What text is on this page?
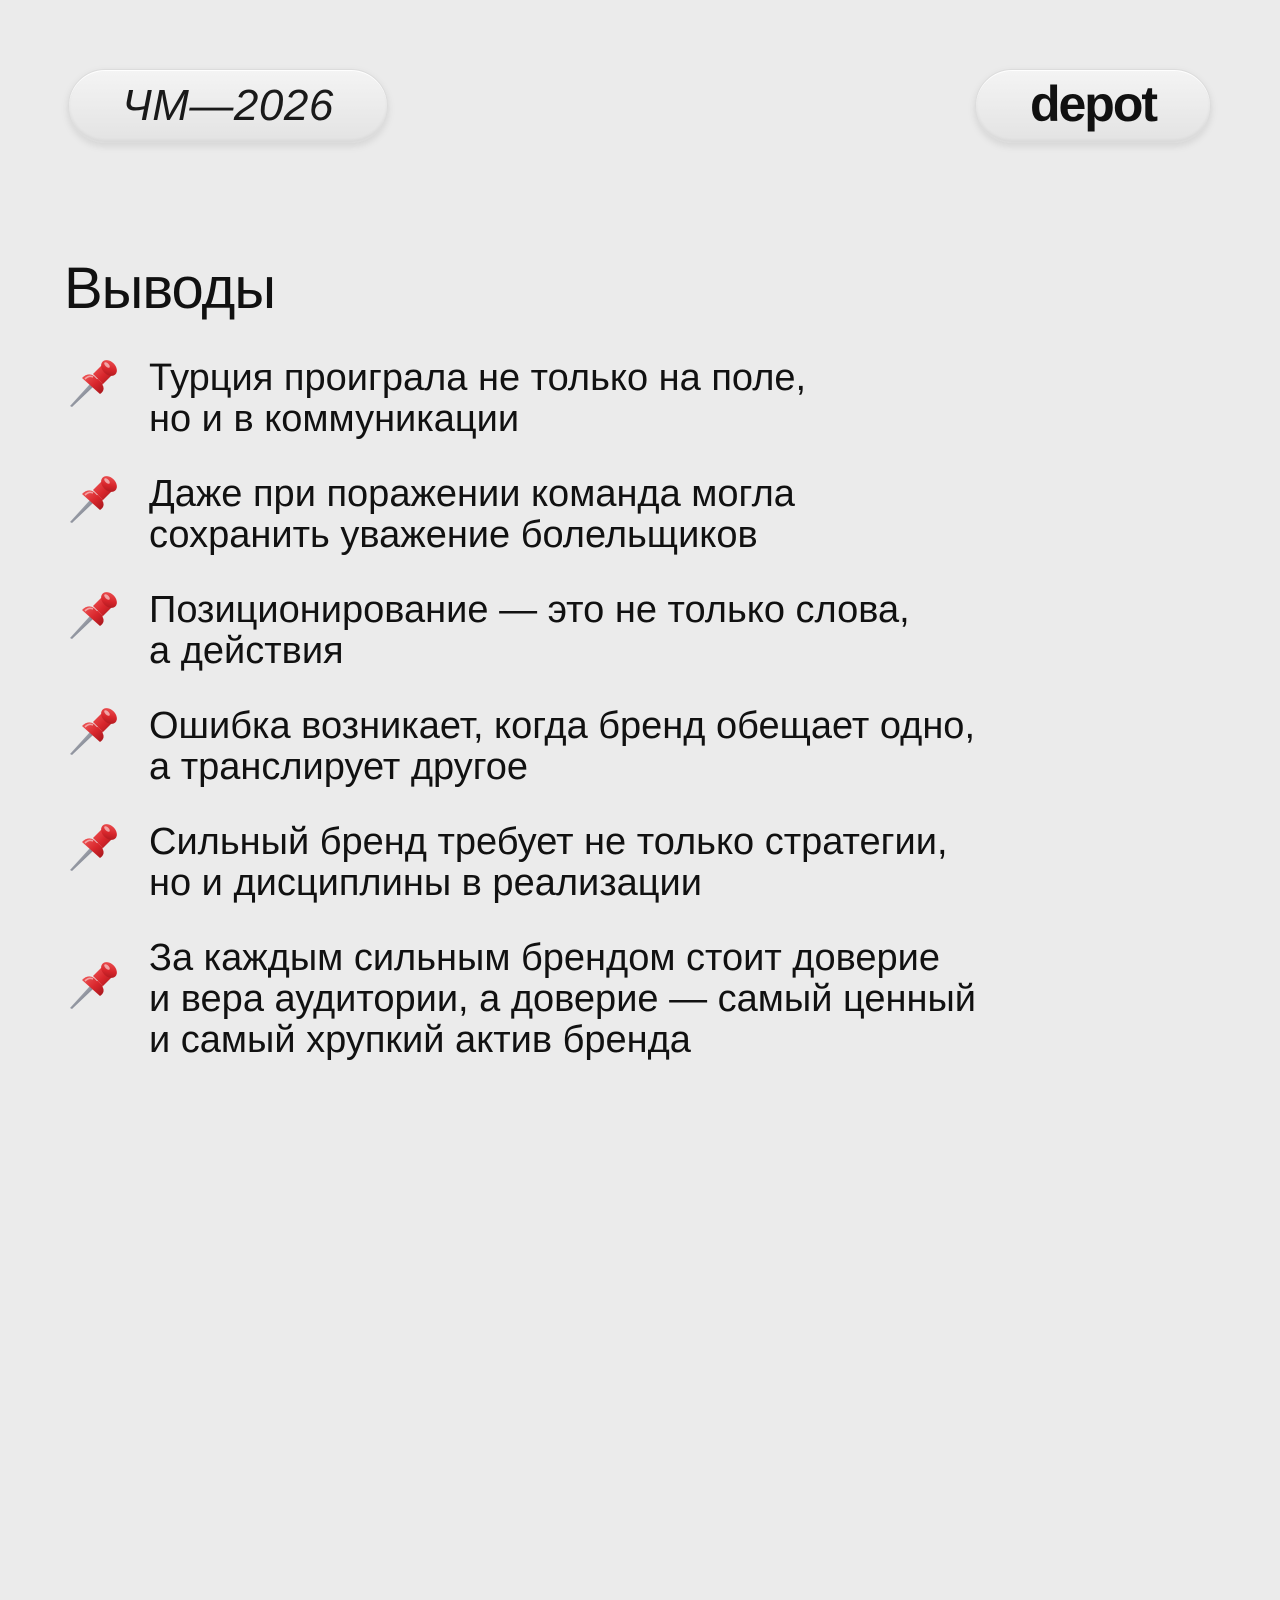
ЧМ—2026	depot
Выводы
Турция проиграла не только на поле,
но и в коммуникации
Даже при поражении команда могла
сохранить уважение болельщиков
Позиционирование — это не только слова,
а действия
Ошибка возникает, когда бренд обещает одно,
а транслирует другое
Сильный бренд требует не только стратегии,
но и дисциплины в реализации
За каждым сильным брендом стоит доверие
и вера аудитории, а доверие — самый ценный
и самый хрупкий актив бренда
